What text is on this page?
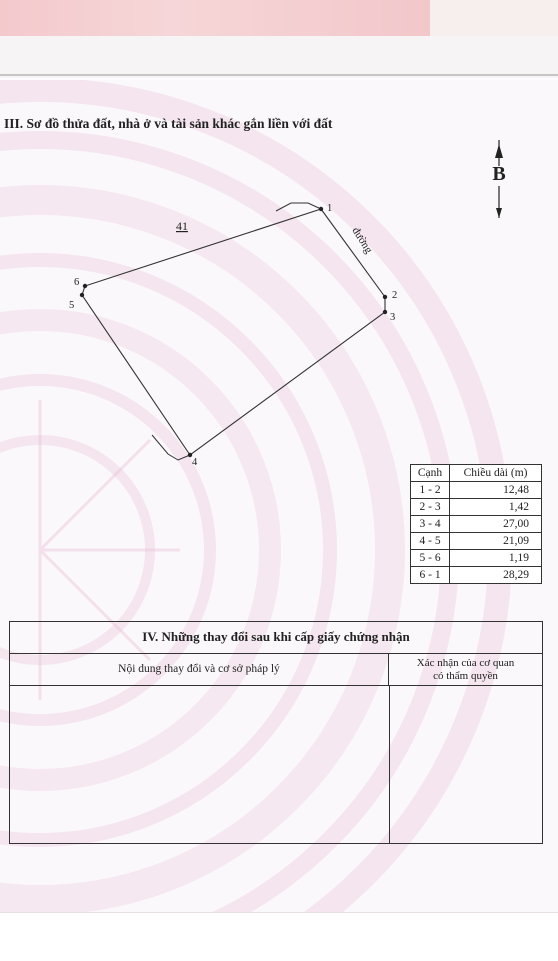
III. Sơ đồ thửa đất, nhà ở và tài sản khác gắn liền với đất
B
1
2
3
4
5
6
41	đường
Cạnh	Chiều dài (m)
1 - 2	12,48
2 - 3	1,42
3 - 4	27,00
4 - 5	21,09
5 - 6	1,19
6 - 1	28,29
IV. Những thay đổi sau khi cấp giấy chứng nhận
Nội dung thay đổi và cơ sở pháp lý	Xác nhận của cơ quan
có thẩm quyền
